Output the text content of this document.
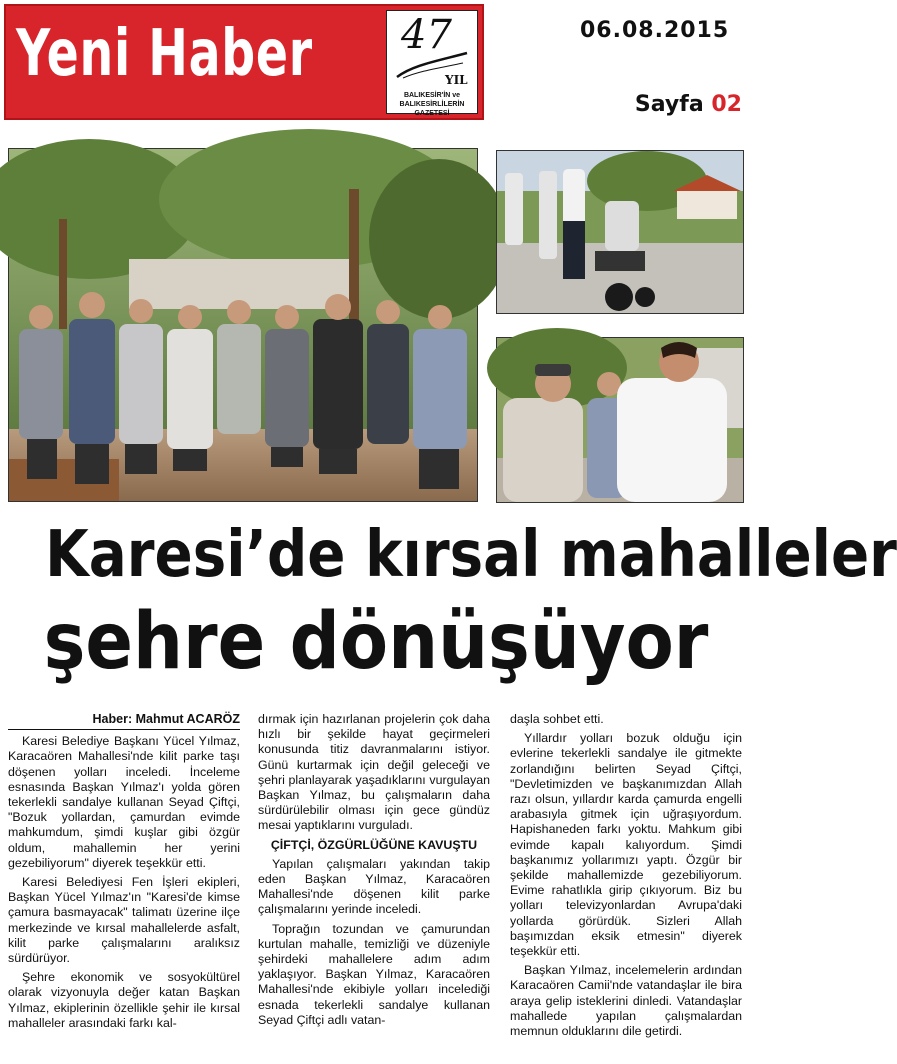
Yeni Haber 47
YIL
BALIKESİR'İN ve BALIKESİRLİLERİN GAZETESİ
06.08.2015
Sayfa 02
Karesi’de kırsal mahalleler
şehre dönüşüyor

Haber: Mahmut ACARÖZ

Karesi Belediye Başkanı Yücel Yılmaz, Karacaören Mahallesi'nde kilit parke taşı döşenen yolları inceledi. İnceleme esnasında Başkan Yılmaz'ı yolda gören tekerlekli sandalye kullanan Seyad Çiftçi, "Bozuk yollardan, çamurdan evimde mahkumdum, şimdi kuşlar gibi özgür oldum, mahallemin her yerini gezebiliyorum" diyerek teşekkür etti.

Karesi Belediyesi Fen İşleri ekipleri, Başkan Yücel Yılmaz'ın "Karesi'de kimse çamura basmayacak" talimatı üzerine ilçe merkezinde ve kırsal mahallelerde asfalt, kilit parke çalışmalarını aralıksız sürdürüyor.

Şehre ekonomik ve sosyokültürel olarak vizyonuyla değer katan Başkan Yılmaz, ekiplerinin özellikle şehir ile kırsal mahalleler arasındaki farkı kal-

dırmak için hazırlanan projelerin çok daha hızlı bir şekilde hayat geçirmeleri konusunda titiz davranmalarını istiyor. Günü kurtarmak için değil geleceği ve şehri planlayarak yaşadıklarını vurgulayan Başkan Yılmaz, bu çalışmaların daha sürdürülebilir olması için gece gündüz mesai yaptıklarını vurguladı.

ÇİFTÇİ, ÖZGÜRLÜĞÜNE KAVUŞTU

Yapılan çalışmaları yakından takip eden Başkan Yılmaz, Karacaören Mahallesi'nde döşenen kilit parke çalışmalarını yerinde inceledi.

Toprağın tozundan ve çamurundan kurtulan mahalle, temizliği ve düzeniyle şehirdeki mahallelere adım adım yaklaşıyor. Başkan Yılmaz, Karacaören Mahallesi'nde ekibiyle yolları incelediği esnada tekerlekli sandalye kullanan Seyad Çiftçi adlı vatan-

daşla sohbet etti.

Yıllardır yolları bozuk olduğu için evlerine tekerlekli sandalye ile gitmekte zorlandığını belirten Seyad Çiftçi, "Devletimizden ve başkanımızdan Allah razı olsun, yıllardır karda çamurda engelli arabasıyla gitmek için uğraşıyordum. Hapishaneden farkı yoktu. Mahkum gibi evimde kapalı kalıyordum. Şimdi başkanımız yollarımızı yaptı. Özgür bir şekilde mahallemizde gezebiliyorum. Evime rahatlıkla girip çıkıyorum. Biz bu yolları televizyonlardan Avrupa'daki yollarda görürdük. Sizleri Allah başımızdan eksik etmesin" diyerek teşekkür etti.

Başkan Yılmaz, incelemelerin ardından Karacaören Camii'nde vatandaşlar ile bira araya gelip isteklerini dinledi. Vatandaşlar mahallede yapılan çalışmalardan memnun olduklarını dile getirdi.
